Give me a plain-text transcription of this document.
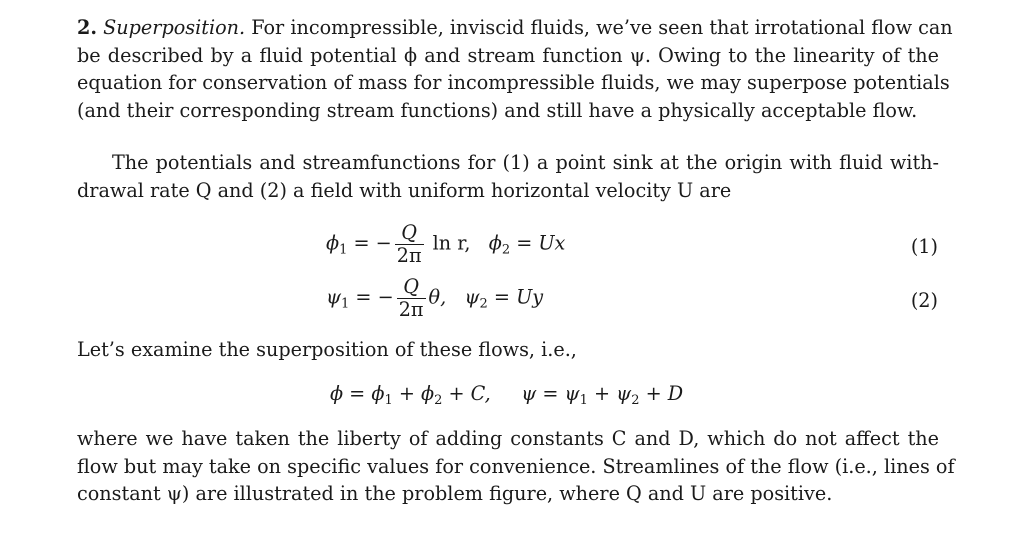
2. Superposition. For incompressible, inviscid fluids, we’ve seen that irrotational flow can
be described by a fluid potential ϕ and stream function ψ. Owing to the linearity of the
equation for conservation of mass for incompressible fluids, we may superpose potentials
(and their corresponding stream functions) and still have a physically acceptable flow.
The potentials and streamfunctions for (1) a point sink at the origin with fluid with-
drawal rate Q and (2) a field with uniform horizontal velocity U are
$\phi_1$ = − $\frac{Q}{2\pi}$ ln r, $\phi_2 = Ux$	(1)
$\psi_1$ = − $\frac{Q}{2\pi} \theta$, $\psi_2 = Uy$	(2)
Let’s examine the superposition of these flows, i.e.,
$\phi = \phi_1 + \phi_2 + C$, $\psi = \psi_1 + \psi_2 + D$
where we have taken the liberty of adding constants C and D, which do not affect the
flow but may take on specific values for convenience. Streamlines of the flow (i.e., lines of
constant ψ) are illustrated in the problem figure, where Q and U are positive.
